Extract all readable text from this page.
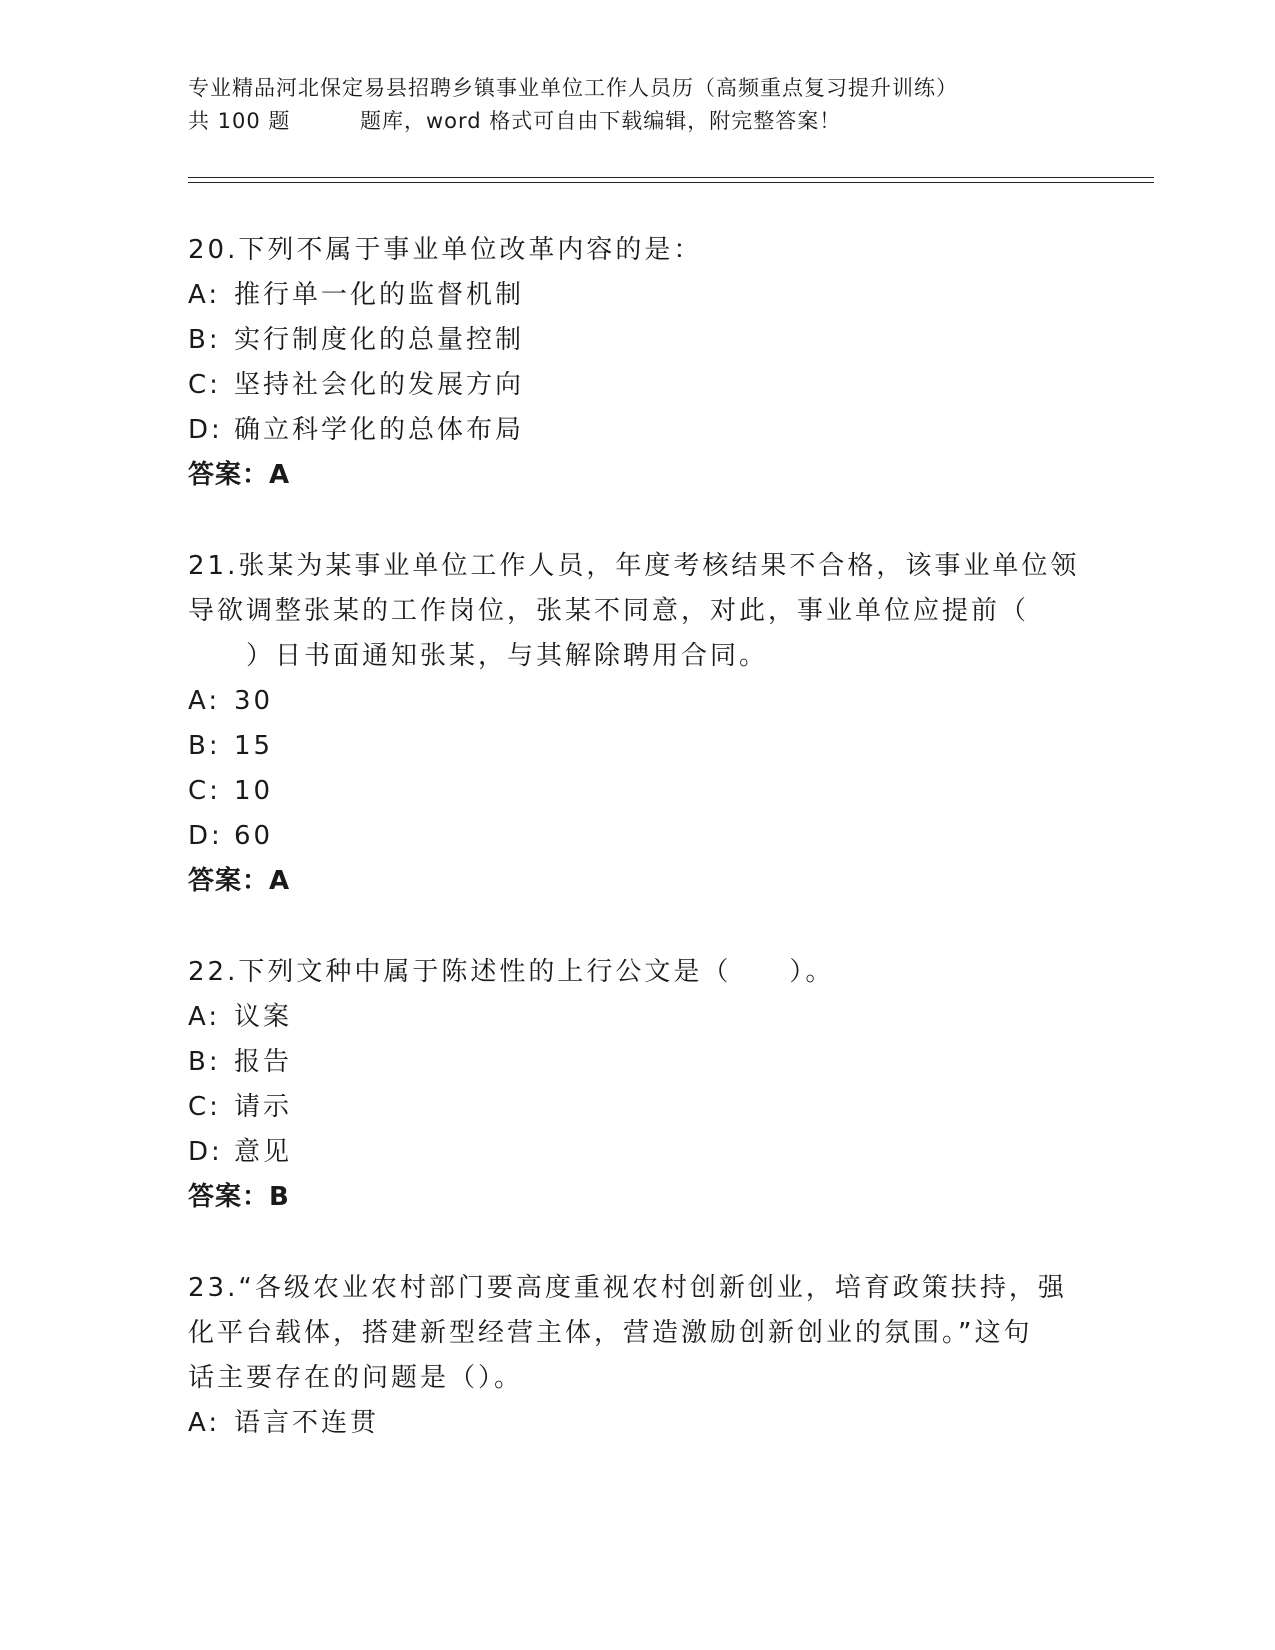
专业精品河北保定易县招聘乡镇事业单位工作人员历（高频重点复习提升训练）
共 100 题	题库，word 格式可自由下载编辑，附完整答案！

20.下列不属于事业单位改革内容的是：

A: 推行单一化的监督机制
B: 实行制度化的总量控制
C: 坚持社会化的发展方向
D: 确立科学化的总体布局
答案：A

21.张某为某事业单位工作人员，年度考核结果不合格，该事业单位领

导欲调整张某的工作岗位，张某不同意，对此，事业单位应提前（

）日书面通知张某，与其解除聘用合同。

A: 30
B: 15
C: 10
D: 60
答案：A

22.下列文种中属于陈述性的上行公文是（　　）。

A: 议案
B: 报告
C: 请示
D: 意见
答案：B

23.“各级农业农村部门要高度重视农村创新创业，培育政策扶持，强

化平台载体，搭建新型经营主体，营造激励创新创业的氛围。”这句

话主要存在的问题是（）。

A: 语言不连贯
